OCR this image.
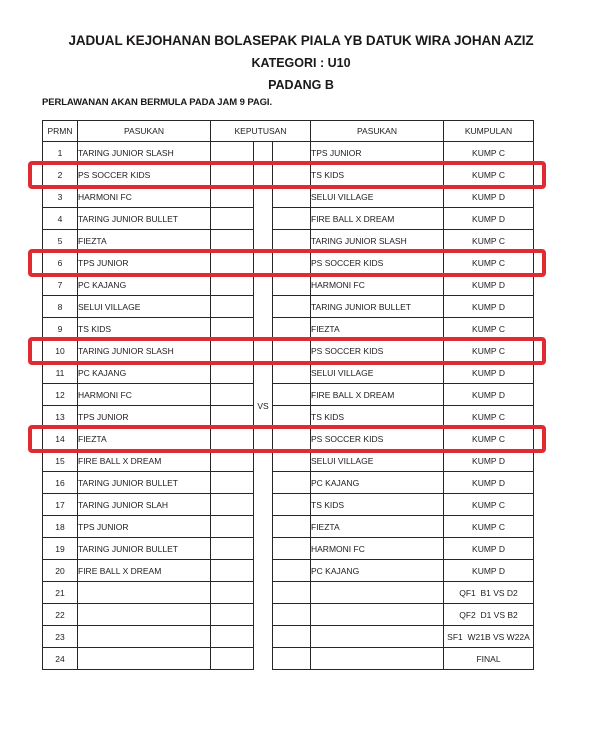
JADUAL KEJOHANAN BOLASEPAK PIALA YB DATUK WIRA JOHAN AZIZ
KATEGORI : U10
PADANG B
PERLAWANAN AKAN BERMULA PADA JAM 9 PAGI.
PRMN	PASUKAN	KEPUTUSAN			PASUKAN	KUMPULAN
1	TARING JUNIOR SLASH		VS		TPS JUNIOR	KUMP C
2	PS SOCCER KIDS				TS KIDS	KUMP C
3	HARMONI FC				SELUI VILLAGE	KUMP D
4	TARING JUNIOR BULLET				FIRE BALL X DREAM	KUMP D
5	FIEZTA				TARING JUNIOR SLASH	KUMP C
6	TPS JUNIOR				PS SOCCER KIDS	KUMP C
7	PC KAJANG				HARMONI FC	KUMP D
8	SELUI VILLAGE				TARING JUNIOR BULLET	KUMP D
9	TS KIDS				FIEZTA	KUMP C
10	TARING JUNIOR SLASH				PS SOCCER KIDS	KUMP C
11	PC KAJANG				SELUI VILLAGE	KUMP D
12	HARMONI FC				FIRE BALL X DREAM	KUMP D
13	TPS JUNIOR				TS KIDS	KUMP C
14	FIEZTA				PS SOCCER KIDS	KUMP C
15	FIRE BALL X DREAM				SELUI VILLAGE	KUMP D
16	TARING JUNIOR BULLET				PC KAJANG	KUMP D
17	TARING JUNIOR SLAH				TS KIDS	KUMP C
18	TPS JUNIOR				FIEZTA	KUMP C
19	TARING JUNIOR BULLET				HARMONI FC	KUMP D
20	FIRE BALL X DREAM				PC KAJANG	KUMP D
21						QF1  B1 VS D2
22						QF2  D1 VS B2
23						SF1  W21B VS W22A
24						FINAL
